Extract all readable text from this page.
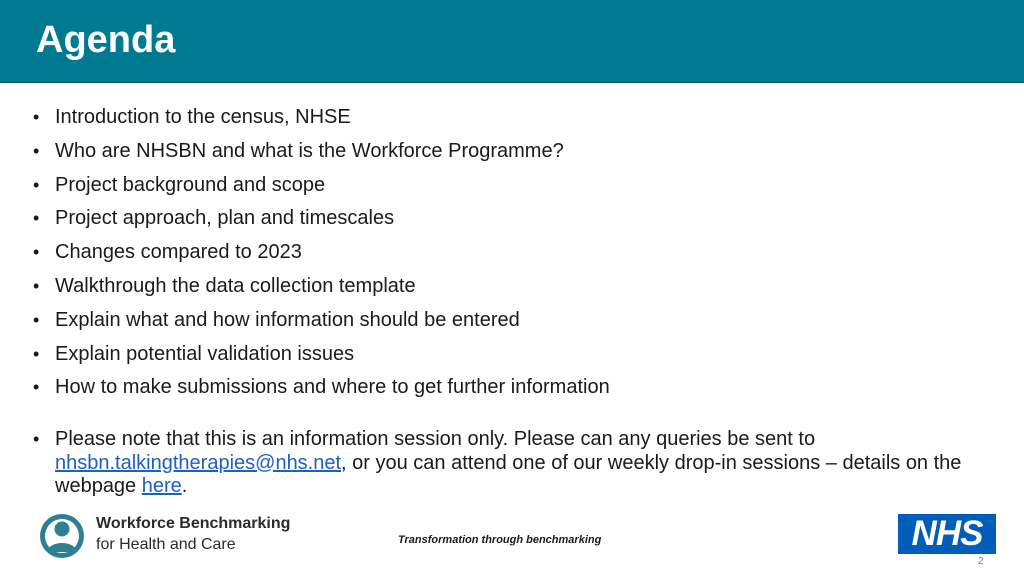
Agenda
• Introduction to the census, NHSE
• Who are NHSBN and what is the Workforce Programme?
• Project background and scope
• Project approach, plan and timescales
• Changes compared to 2023
• Walkthrough the data collection template
• Explain what and how information should be entered
• Explain potential validation issues
• How to make submissions and where to get further information
• Please note that this is an information session only. Please can any queries be sent to nhsbn.talkingtherapies@nhs.net, or you can attend one of our weekly drop-in sessions – details on the webpage here.
Workforce Benchmarking
for Health and Care	Transformation through benchmarking	NHS
2
